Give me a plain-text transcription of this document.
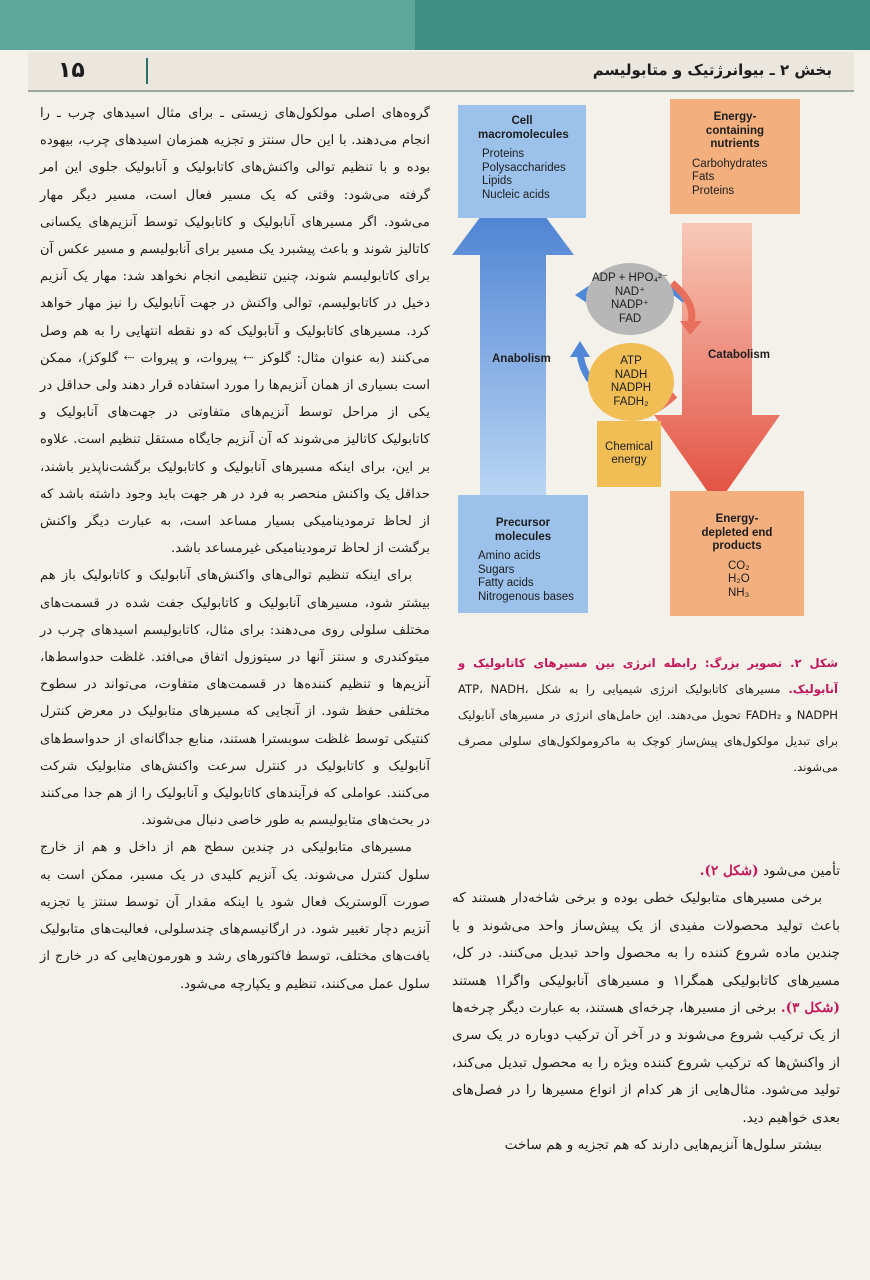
۱۵	بخش ۲ ـ بیوانرژتیک و متابولیسم

گروه‌های اصلی مولکول‌های زیستی ـ برای مثال اسیدهای چرب ـ را انجام می‌دهند. با این حال سنتز و تجزیه همزمان اسیدهای چرب، بیهوده بوده و با تنظیم توالی واکنش‌های کاتابولیک و آنابولیک جلوی این امر گرفته می‌شود: وقتی که یک مسیر فعال است، مسیر دیگر مهار می‌شود. اگر مسیرهای آنابولیک و کاتابولیک توسط آنزیم‌های یکسانی کاتالیز شوند و باعث پیشبرد یک مسیر برای آنابولیسم و مسیر عکس آن برای کاتابولیسم شوند، چنین تنظیمی انجام نخواهد شد: مهار یک آنزیم دخیل در کاتابولیسم، توالی واکنش در جهت آنابولیک را نیز مهار خواهد کرد. مسیرهای کاتابولیک و آنابولیک که دو نقطه انتهایی را به هم وصل می‌کنند (به عنوان مثال: گلوکز ⇠ پیروات، و پیروات ⇠ گلوکز)، ممکن است بسیاری از همان آنزیم‌ها را مورد استفاده قرار دهند ولی حداقل در یکی از مراحل توسط آنزیم‌های متفاوتی در جهت‌های آنابولیک و کاتابولیک کاتالیز می‌شوند که آن آنزیم جایگاه مستقل تنظیم است. علاوه بر این، برای اینکه مسیرهای آنابولیک و کاتابولیک برگشت‌ناپذیر باشند، حداقل یک واکنش منحصر به فرد در هر جهت باید وجود داشته باشد که از لحاظ ترمودینامیکی بسیار مساعد است، به عبارت دیگر واکنش برگشت از لحاظ ترمودینامیکی غیرمساعد باشد.

برای اینکه تنظیم توالی‌های واکنش‌های آنابولیک و کاتابولیک باز هم بیشتر شود، مسیرهای آنابولیک و کاتابولیک جفت شده در قسمت‌های مختلف سلولی روی می‌دهند: برای مثال، کاتابولیسم اسیدهای چرب در میتوکندری و سنتز آنها در سیتوزول اتفاق می‌افتد. غلظت حدواسط‌ها، آنزیم‌ها و تنظیم کننده‌ها در قسمت‌های متفاوت، می‌تواند در سطوح مختلفی حفظ شود. از آنجایی که مسیرهای متابولیک در معرض کنترل کنتیکی توسط غلظت سوبسترا هستند، منابع جداگانه‌ای از حدواسط‌های آنابولیک و کاتابولیک در کنترل سرعت واکنش‌های متابولیک شرکت می‌کنند. عواملی که فرآیندهای کاتابولیک و آنابولیک را از هم جدا می‌کنند در بحث‌های متابولیسم به طور خاصی دنبال می‌شوند.

مسیرهای متابولیکی در چندین سطح هم از داخل و هم از خارج سلول کنترل می‌شوند. یک آنزیم کلیدی در یک مسیر، ممکن است به صورت آلوستریک فعال شود یا اینکه مقدار آن توسط سنتز یا تجزیه آنزیم دچار تغییر شود. در ارگانیسم‌های چندسلولی، فعالیت‌های متابولیک بافت‌های مختلف، توسط فاکتورهای رشد و هورمون‌هایی که در خارج از سلول عمل می‌کنند، تنظیم و یکپارچه می‌شود.

Cell macromolecules
Proteins
Polysaccharides
Lipids
Nucleic acids
Energy-containing nutrients
Carbohydrates
Fats
Proteins
ADP + HPO₄²⁻
NAD⁺
NADP⁺
FAD
ATP
NADH
NADPH
FADH₂
Chemical energy
Anabolism	Catabolism
Precursor molecules
Amino acids
Sugars
Fatty acids
Nitrogenous bases
Energy-depleted end products
CO₂
H₂O
NH₃
شکل ۲. تصویر بزرگ: رابطه انرژی بین مسیرهای کاتابولیک و آنابولیک. مسیرهای کاتابولیک انرژی شیمیایی را به شکل ATP، NADH، NADPH و FADH₂ تحویل می‌دهند. این حامل‌های انرژی در مسیرهای آنابولیک برای تبدیل مولکول‌های پیش‌ساز کوچک به ماکرومولکول‌های سلولی مصرف می‌شوند.

تأمین می‌شود (شکل ۲).

برخی مسیرهای متابولیک خطی بوده و برخی شاخه‌دار هستند که باعث تولید محصولات مفیدی از یک پیش‌ساز واحد می‌شوند و یا چندین ماده شروع کننده را به محصول واحد تبدیل می‌کنند. در کل، مسیرهای کاتابولیکی همگرا۱ و مسیرهای آنابولیکی واگرا۱ هستند (شکل ۳). برخی از مسیرها، چرخه‌ای هستند، به عبارت دیگر چرخه‌ها از یک ترکیب شروع می‌شوند و در آخر آن ترکیب دوباره در یک سری از واکنش‌ها که ترکیب شروع کننده ویژه را به محصول تبدیل می‌کند، تولید می‌شود. مثال‌هایی از هر کدام از انواع مسیرها را در فصل‌های بعدی خواهیم دید.

بیشتر سلول‌ها آنزیم‌هایی دارند که هم تجزیه و هم ساخت
